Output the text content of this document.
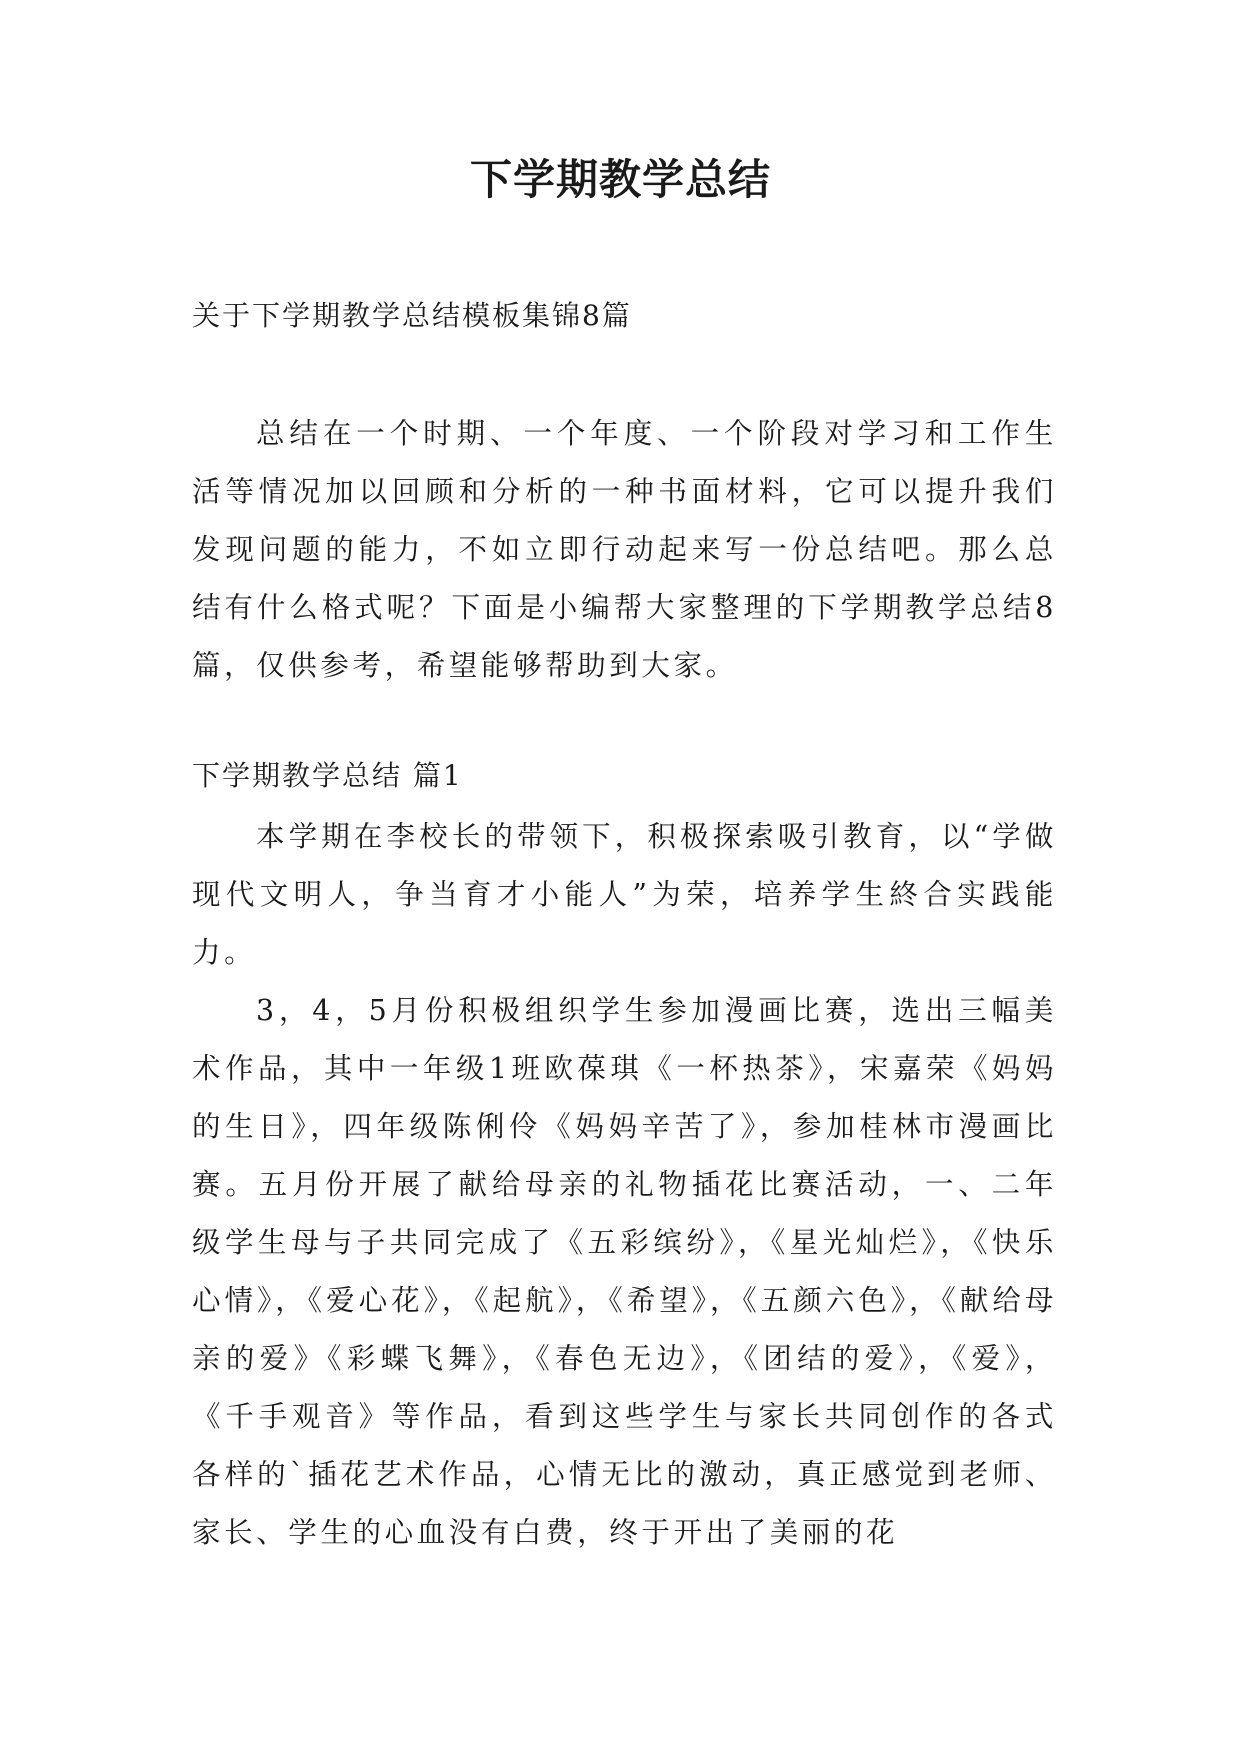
下学期教学总结

关于下学期教学总结模板集锦8篇

总结在一个时期、一个年度、一个阶段对学习和工作生活等情况加以回顾和分析的一种书面材料，它可以提升我们发现问题的能力，不如立即行动起来写一份总结吧。那么总结有什么格式呢？下面是小编帮大家整理的下学期教学总结8篇，仅供参考，希望能够帮助到大家。

下学期教学总结 篇1

本学期在李校长的带领下，积极探索吸引教育，以“学做现代文明人，争当育才小能人”为荣，培养学生終合实践能力。

3，4，5月份积极组织学生参加漫画比赛，选出三幅美术作品，其中一年级1班欧葆琪《一杯热茶》，宋嘉荣《妈妈的生日》，四年级陈俐伶《妈妈辛苦了》，参加桂林市漫画比赛。五月份开展了献给母亲的礼物插花比赛活动，一、二年级学生母与子共同完成了《五彩缤纷》，《星光灿烂》，《快乐心情》，《爱心花》，《起航》，《希望》，《五颜六色》，《献给母亲的爱》《彩蝶飞舞》，《春色无边》，《团结的爱》，《爱》，《千手观音》等作品，看到这些学生与家长共同创作的各式各样的`插花艺术作品，心情无比的激动，真正感觉到老师、家长、学生的心血没有白费，终于开出了美丽的花
